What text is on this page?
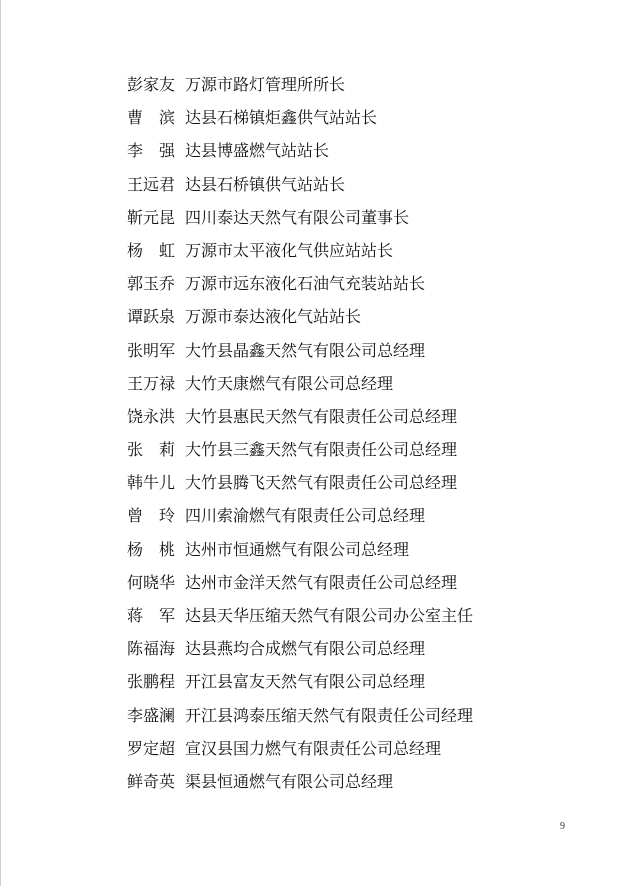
彭家友 万源市路灯管理所所长
曹　滨 达县石梯镇炬鑫供气站站长
李　强 达县博盛燃气站站长
王远君 达县石桥镇供气站站长
靳元昆 四川泰达天然气有限公司董事长
杨　虹 万源市太平液化气供应站站长
郭玉乔 万源市远东液化石油气充装站站长
谭跃泉 万源市泰达液化气站站长
张明军 大竹县晶鑫天然气有限公司总经理
王万禄 大竹天康燃气有限公司总经理
饶永洪 大竹县惠民天然气有限责任公司总经理
张　莉 大竹县三鑫天然气有限责任公司总经理
韩牛儿 大竹县腾飞天然气有限责任公司总经理
曾　玲 四川索渝燃气有限责任公司总经理
杨　桃 达州市恒通燃气有限公司总经理
何晓华 达州市金洋天然气有限责任公司总经理
蒋　军 达县天华压缩天然气有限公司办公室主任
陈福海 达县燕均合成燃气有限公司总经理
张鹏程 开江县富友天然气有限公司总经理
李盛澜 开江县鸿泰压缩天然气有限责任公司经理
罗定超 宣汉县国力燃气有限责任公司总经理
鲜奇英 渠县恒通燃气有限公司总经理
9
